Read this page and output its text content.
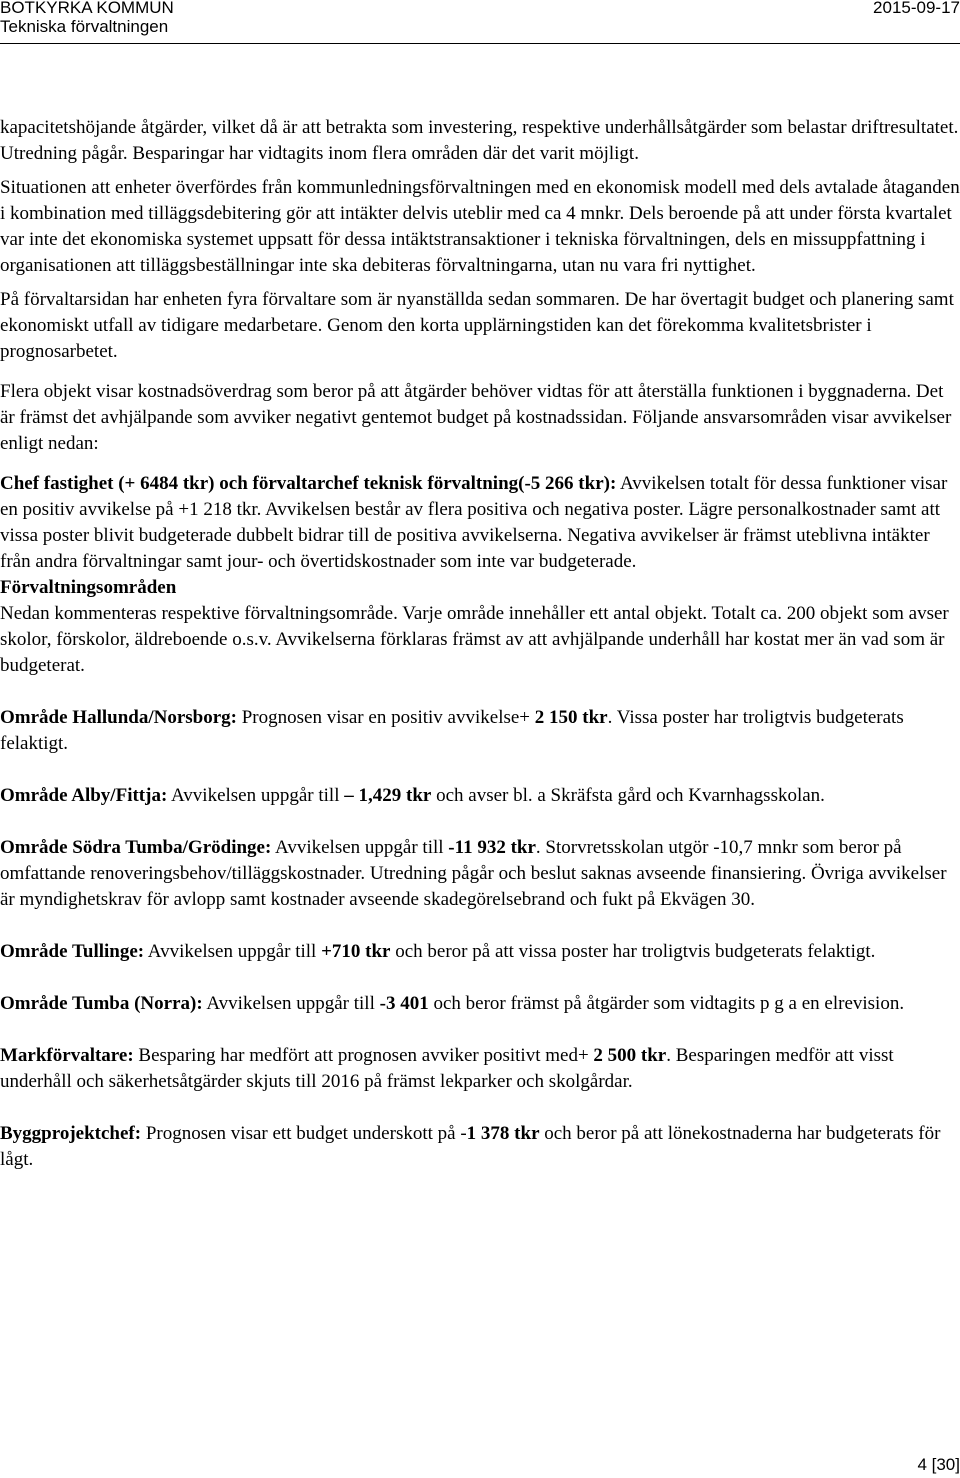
BOTKYRKA KOMMUN
Tekniska förvaltningen
2015-09-17

kapacitetshöjande åtgärder, vilket då är att betrakta som investering, respektive underhållsåtgärder som belastar driftresultatet. Utredning pågår. Besparingar har vidtagits inom flera områden där det varit möjligt.

Situationen att enheter överfördes från kommunledningsförvaltningen med en ekonomisk modell med dels avtalade åtaganden i kombination med tilläggsdebitering gör att intäkter delvis uteblir med ca 4 mnkr. Dels beroende på att under första kvartalet var inte det ekonomiska systemet uppsatt för dessa intäktstransaktioner i tekniska förvaltningen, dels en missuppfattning i organisationen att tilläggsbeställningar inte ska debiteras förvaltningarna, utan nu vara fri nyttighet.

På förvaltarsidan har enheten fyra förvaltare som är nyanställda sedan sommaren. De har övertagit budget och planering samt ekonomiskt utfall av tidigare medarbetare. Genom den korta upplärningstiden kan det förekomma kvalitetsbrister i prognosarbetet.

Flera objekt visar kostnadsöverdrag som beror på att åtgärder behöver vidtas för att återställa funktionen i byggnaderna. Det är främst det avhjälpande som avviker negativt gentemot budget på kostnadssidan. Följande ansvarsområden visar avvikelser enligt nedan:

Chef fastighet (+ 6484 tkr) och förvaltarchef teknisk förvaltning(-5 266 tkr): Avvikelsen totalt för dessa funktioner visar en positiv avvikelse på +1 218 tkr. Avvikelsen består av flera positiva och negativa poster. Lägre personalkostnader samt att vissa poster blivit budgeterade dubbelt bidrar till de positiva avvikelserna. Negativa avvikelser är främst uteblivna intäkter från andra förvaltningar samt jour- och övertidskostnader som inte var budgeterade.

Förvaltningsområden

Nedan kommenteras respektive förvaltningsområde. Varje område innehåller ett antal objekt. Totalt ca. 200 objekt som avser skolor, förskolor, äldreboende o.s.v. Avvikelserna förklaras främst av att avhjälpande underhåll har kostat mer än vad som är budgeterat.

Område Hallunda/Norsborg: Prognosen visar en positiv avvikelse+ 2 150 tkr. Vissa poster har troligtvis budgeterats felaktigt.

Område Alby/Fittja: Avvikelsen uppgår till – 1,429 tkr och avser bl. a Skräfsta gård och Kvarnhagsskolan.

Område Södra Tumba/Grödinge: Avvikelsen uppgår till -11 932 tkr. Storvretsskolan utgör -10,7 mnkr som beror på omfattande renoveringsbehov/tilläggskostnader. Utredning pågår och beslut saknas avseende finansiering. Övriga avvikelser är myndighetskrav för avlopp samt kostnader avseende skadegörelsebrand och fukt på Ekvägen 30.

Område Tullinge: Avvikelsen uppgår till +710 tkr och beror på att vissa poster har troligtvis budgeterats felaktigt.

Område Tumba (Norra): Avvikelsen uppgår till -3 401 och beror främst på åtgärder som vidtagits p g a en elrevision.

Markförvaltare: Besparing har medfört att prognosen avviker positivt med+ 2 500 tkr. Besparingen medför att visst underhåll och säkerhetsåtgärder skjuts till 2016 på främst lekparker och skolgårdar.

Byggprojektchef: Prognosen visar ett budget underskott på -1 378 tkr och beror på att lönekostnaderna har budgeterats för lågt.

4 [30]
